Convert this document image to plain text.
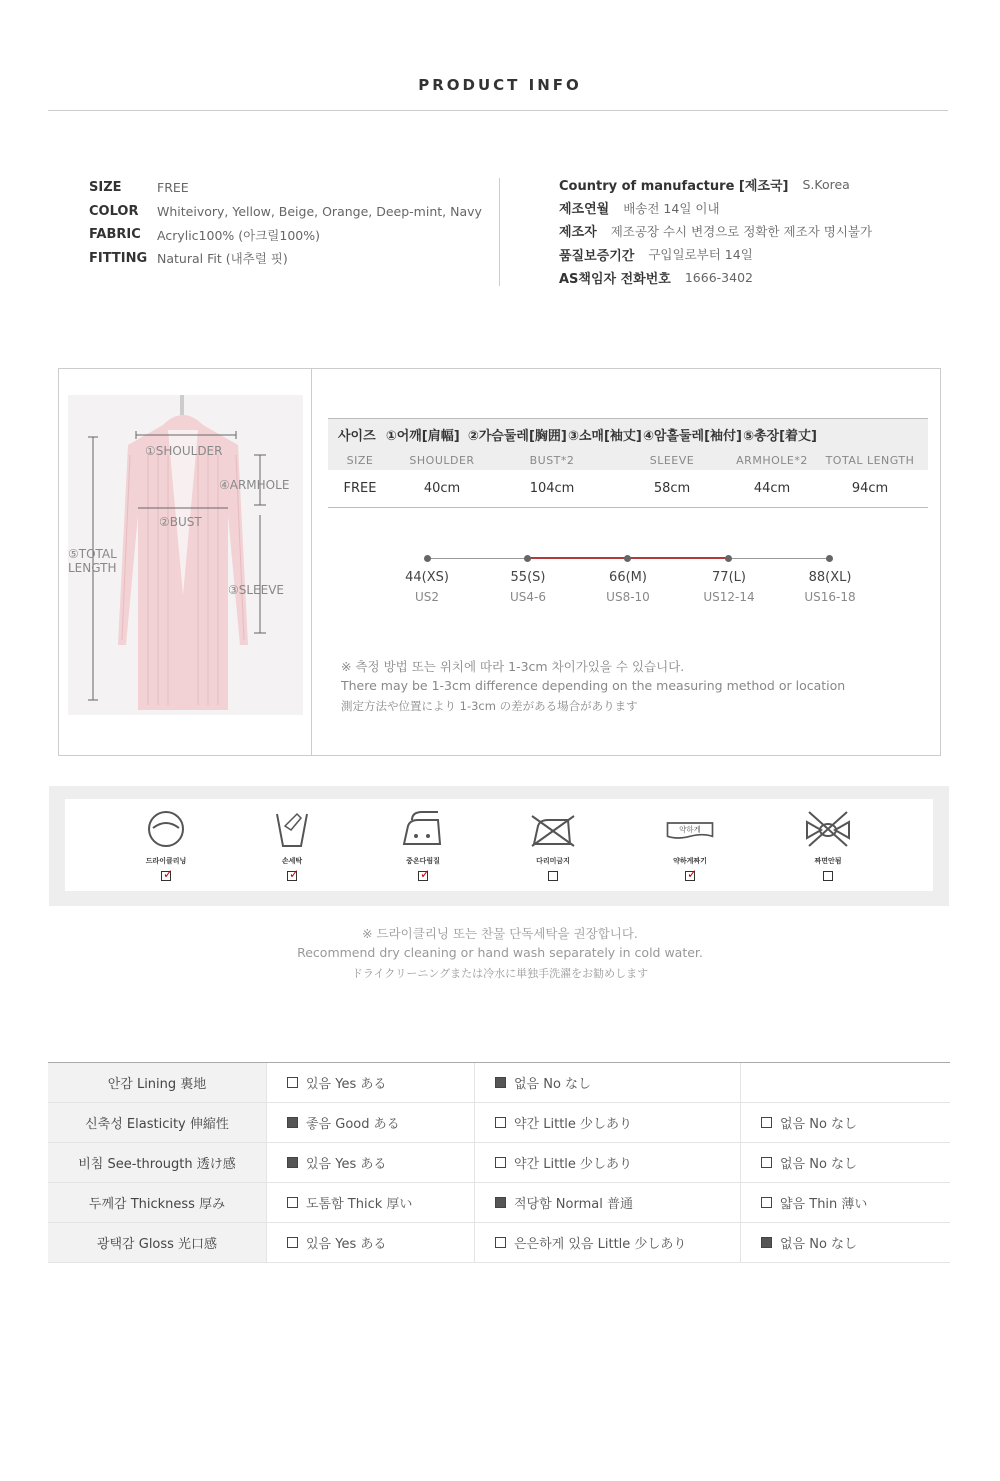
PRODUCT INFO
SIZE	FREE
COLOR	Whiteivory, Yellow, Beige, Orange, Deep-mint, Navy
FABRIC	Acrylic100% (아크릴100%)
FITTING Natural Fit (내추럴 핏)
Country of manufacture [제조국] S.Korea
제조연월 배송전 14일 이내
제조자 제조공장 수시 변경으로 정확한 제조자 명시불가
품질보증기간 구입일로부터 14일
AS책임자 전화번호 1666-3402
①SHOULDER
④ARMHOLE
②BUST
⑤TOTAL
LENGTH
③SLEEVE
사이즈 ①어깨[肩幅] ②가슴둘레[胸囲] ③소매[袖丈] ④암홀둘레[袖付] ⑤총장[着丈]
SIZE	SHOULDER	BUST*2	SLEEVE	ARMHOLE*2	TOTAL LENGTH
FREE	40cm	104cm	58cm	44cm	94cm
44(XS)	55(S)	66(M)	77(L)	88(XL)
US2	US4-6	US8-10	US12-14	US16-18
※ 측정 방법 또는 위치에 따라 1-3cm 차이가있을 수 있습니다.
There may be 1-3cm difference depending on the measuring method or location
測定方法や位置により 1-3cm の差がある場合があります
드라이클리닝
✓
손세탁
✓
중온다림질
✓
다리미금지
약하게
약하게짜기
✓
짜면안됨
※ 드라이클리닝 또는 찬물 단독세탁을 권장합니다.
Recommend dry cleaning or hand wash separately in cold water.
ドライクリーニングまたは冷水に単独手洗濯をお勧めします
안감 Lining 裏地	있음 Yes ある	없음 No なし
신축성 Elasticity 伸縮性	좋음 Good ある	약간 Little 少しあり	없음 No なし
비침 See-througth 透け感	있음 Yes ある	약간 Little 少しあり	없음 No なし
두께감 Thickness 厚み	도톰함 Thick 厚い	적당함 Normal 普通	얇음 Thin 薄い
광택감 Gloss 光口感	있음 Yes ある	은은하게 있음 Little 少しあり	없음 No なし
